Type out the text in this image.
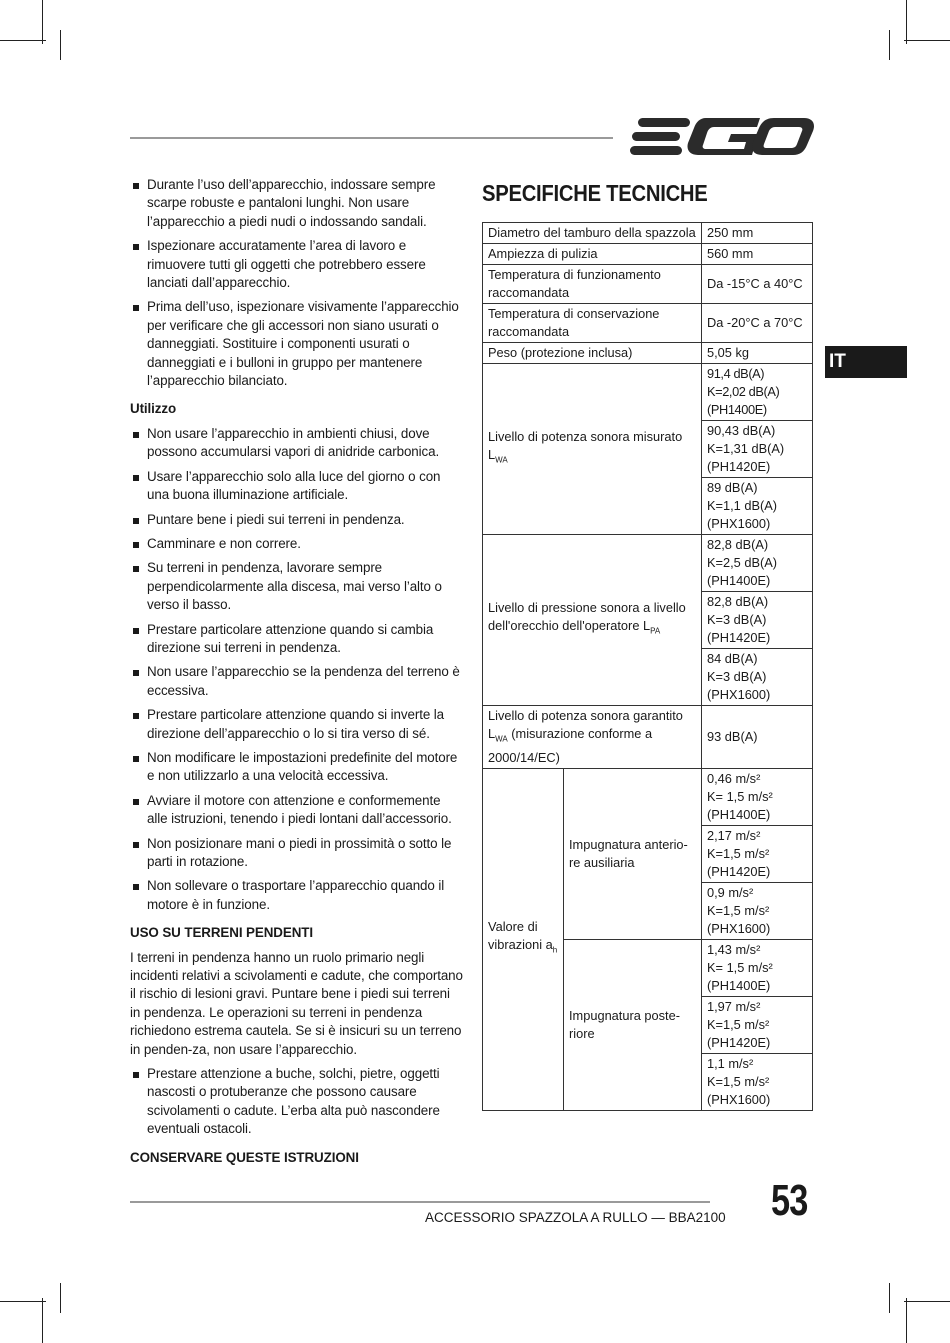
Durante l’uso dell’apparecchio, indossare sempre scarpe robuste e pantaloni lunghi. Non usare l’apparecchio a piedi nudi o indossando sandali.
Ispezionare accuratamente l’area di lavoro e rimuovere tutti gli oggetti che potrebbero essere lanciati dall’apparecchio.
Prima dell’uso, ispezionare visivamente l’apparecchio per verificare che gli accessori non siano usurati o danneggiati. Sostituire i componenti usurati o danneggiati e i bulloni in gruppo per mantenere l’apparecchio bilanciato.
Utilizzo
Non usare l’apparecchio in ambienti chiusi, dove possono accumularsi vapori di anidride carbonica.
Usare l’apparecchio solo alla luce del giorno o con una buona illuminazione artificiale.
Puntare bene i piedi sui terreni in pendenza.
Camminare e non correre.
Su terreni in pendenza, lavorare sempre perpendicolarmente alla discesa, mai verso l’alto o verso il basso.
Prestare particolare attenzione quando si cambia direzione sui terreni in pendenza.
Non usare l’apparecchio se la pendenza del terreno è eccessiva.
Prestare particolare attenzione quando si inverte la direzione dell’apparecchio o lo si tira verso di sé.
Non modificare le impostazioni predefinite del motore e non utilizzarlo a una velocità eccessiva.
Avviare il motore con attenzione e conformemente alle istruzioni, tenendo i piedi lontani dall’accessorio.
Non posizionare mani o piedi in prossimità o sotto le parti in rotazione.
Non sollevare o trasportare l’apparecchio quando il motore è in funzione.
USO SU TERRENI PENDENTI

I terreni in pendenza hanno un ruolo primario negli incidenti relativi a scivolamenti e cadute, che comportano il rischio di lesioni gravi. Puntare bene i piedi sui terreni in pendenza. Le operazioni su terreni in pendenza richiedono estrema cautela. Se si è insicuri su un terreno in penden-za, non usare l’apparecchio.

Prestare attenzione a buche, solchi, pietre, oggetti nascosti o protuberanze che possono causare scivolamenti o cadute. L’erba alta può nascondere eventuali ostacoli.
CONSERVARE QUESTE ISTRUZIONI
SPECIFICHE TECNICHE
Diametro del tamburo della spazzola		250 mm
Ampiezza di pulizia		560 mm
Temperatura di funzionamento raccomandata		Da -15°C a 40°C
Temperatura di conservazione raccomandata		Da -20°C a 70°C
Peso (protezione inclusa)		5,05 kg
Livello di potenza sonora misurato $L_{WA}$		91,4 dB(A)
K=2,02 dB(A)
(PH1400E)

		90,43 dB(A)
K=1,31 dB(A)
(PH1420E)

		89 dB(A)
K=1,1 dB(A)
(PHX1600)

Livello di pressione sonora a livello dell'orecchio dell'operatore $L_{PA}$		82,8 dB(A)
K=2,5 dB(A)
(PH1400E)

		82,8 dB(A)
K=3 dB(A)
(PH1420E)

		84 dB(A)
K=3 dB(A)
(PHX1600)

Livello di potenza sonora garantito $L_{WA}$ (misurazione conforme a 2000/14/EC)		93 dB(A)
Valore di vibrazioni $a_h$	Impugnatura anterio-re ausiliaria	0,46 m/s²
K= 1,5 m/s²
(PH1400E)

		2,17 m/s²
K=1,5 m/s²
(PH1420E)

		0,9 m/s²
K=1,5 m/s²
(PHX1600)

	Impugnatura poste-riore	1,43 m/s²
K= 1,5 m/s²
(PH1400E)

		1,97 m/s²
K=1,5 m/s²
(PH1420E)

		1,1 m/s²
K=1,5 m/s²
(PHX1600)
IT
ACCESSORIO SPAZZOLA A RULLO — BBA2100 53
